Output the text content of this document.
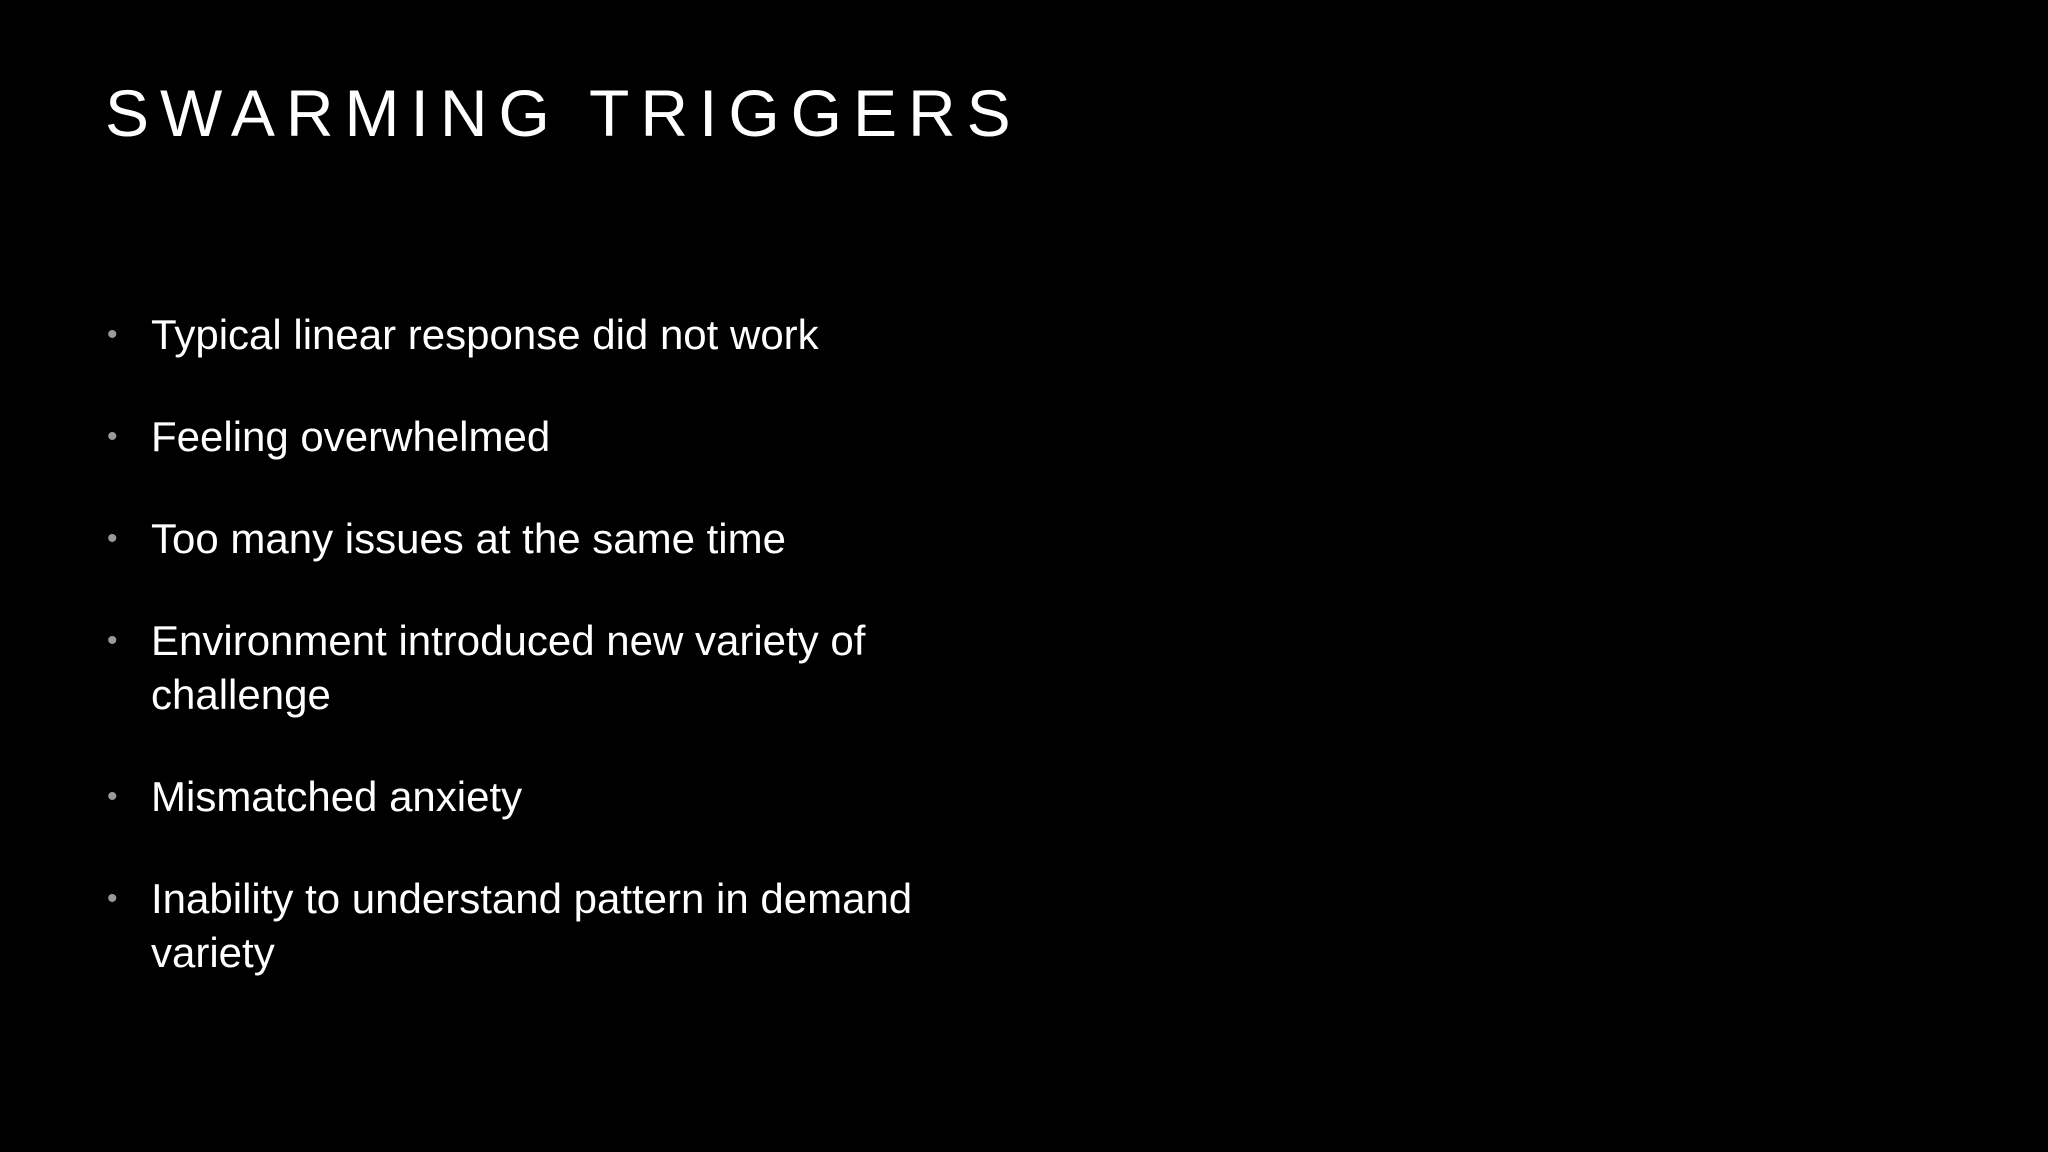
SWARMING TRIGGERS
• Typical linear response did not work
• Feeling overwhelmed
• Too many issues at the same time
• Environment introduced new variety of challenge
• Mismatched anxiety
• Inability to understand pattern in demand variety
